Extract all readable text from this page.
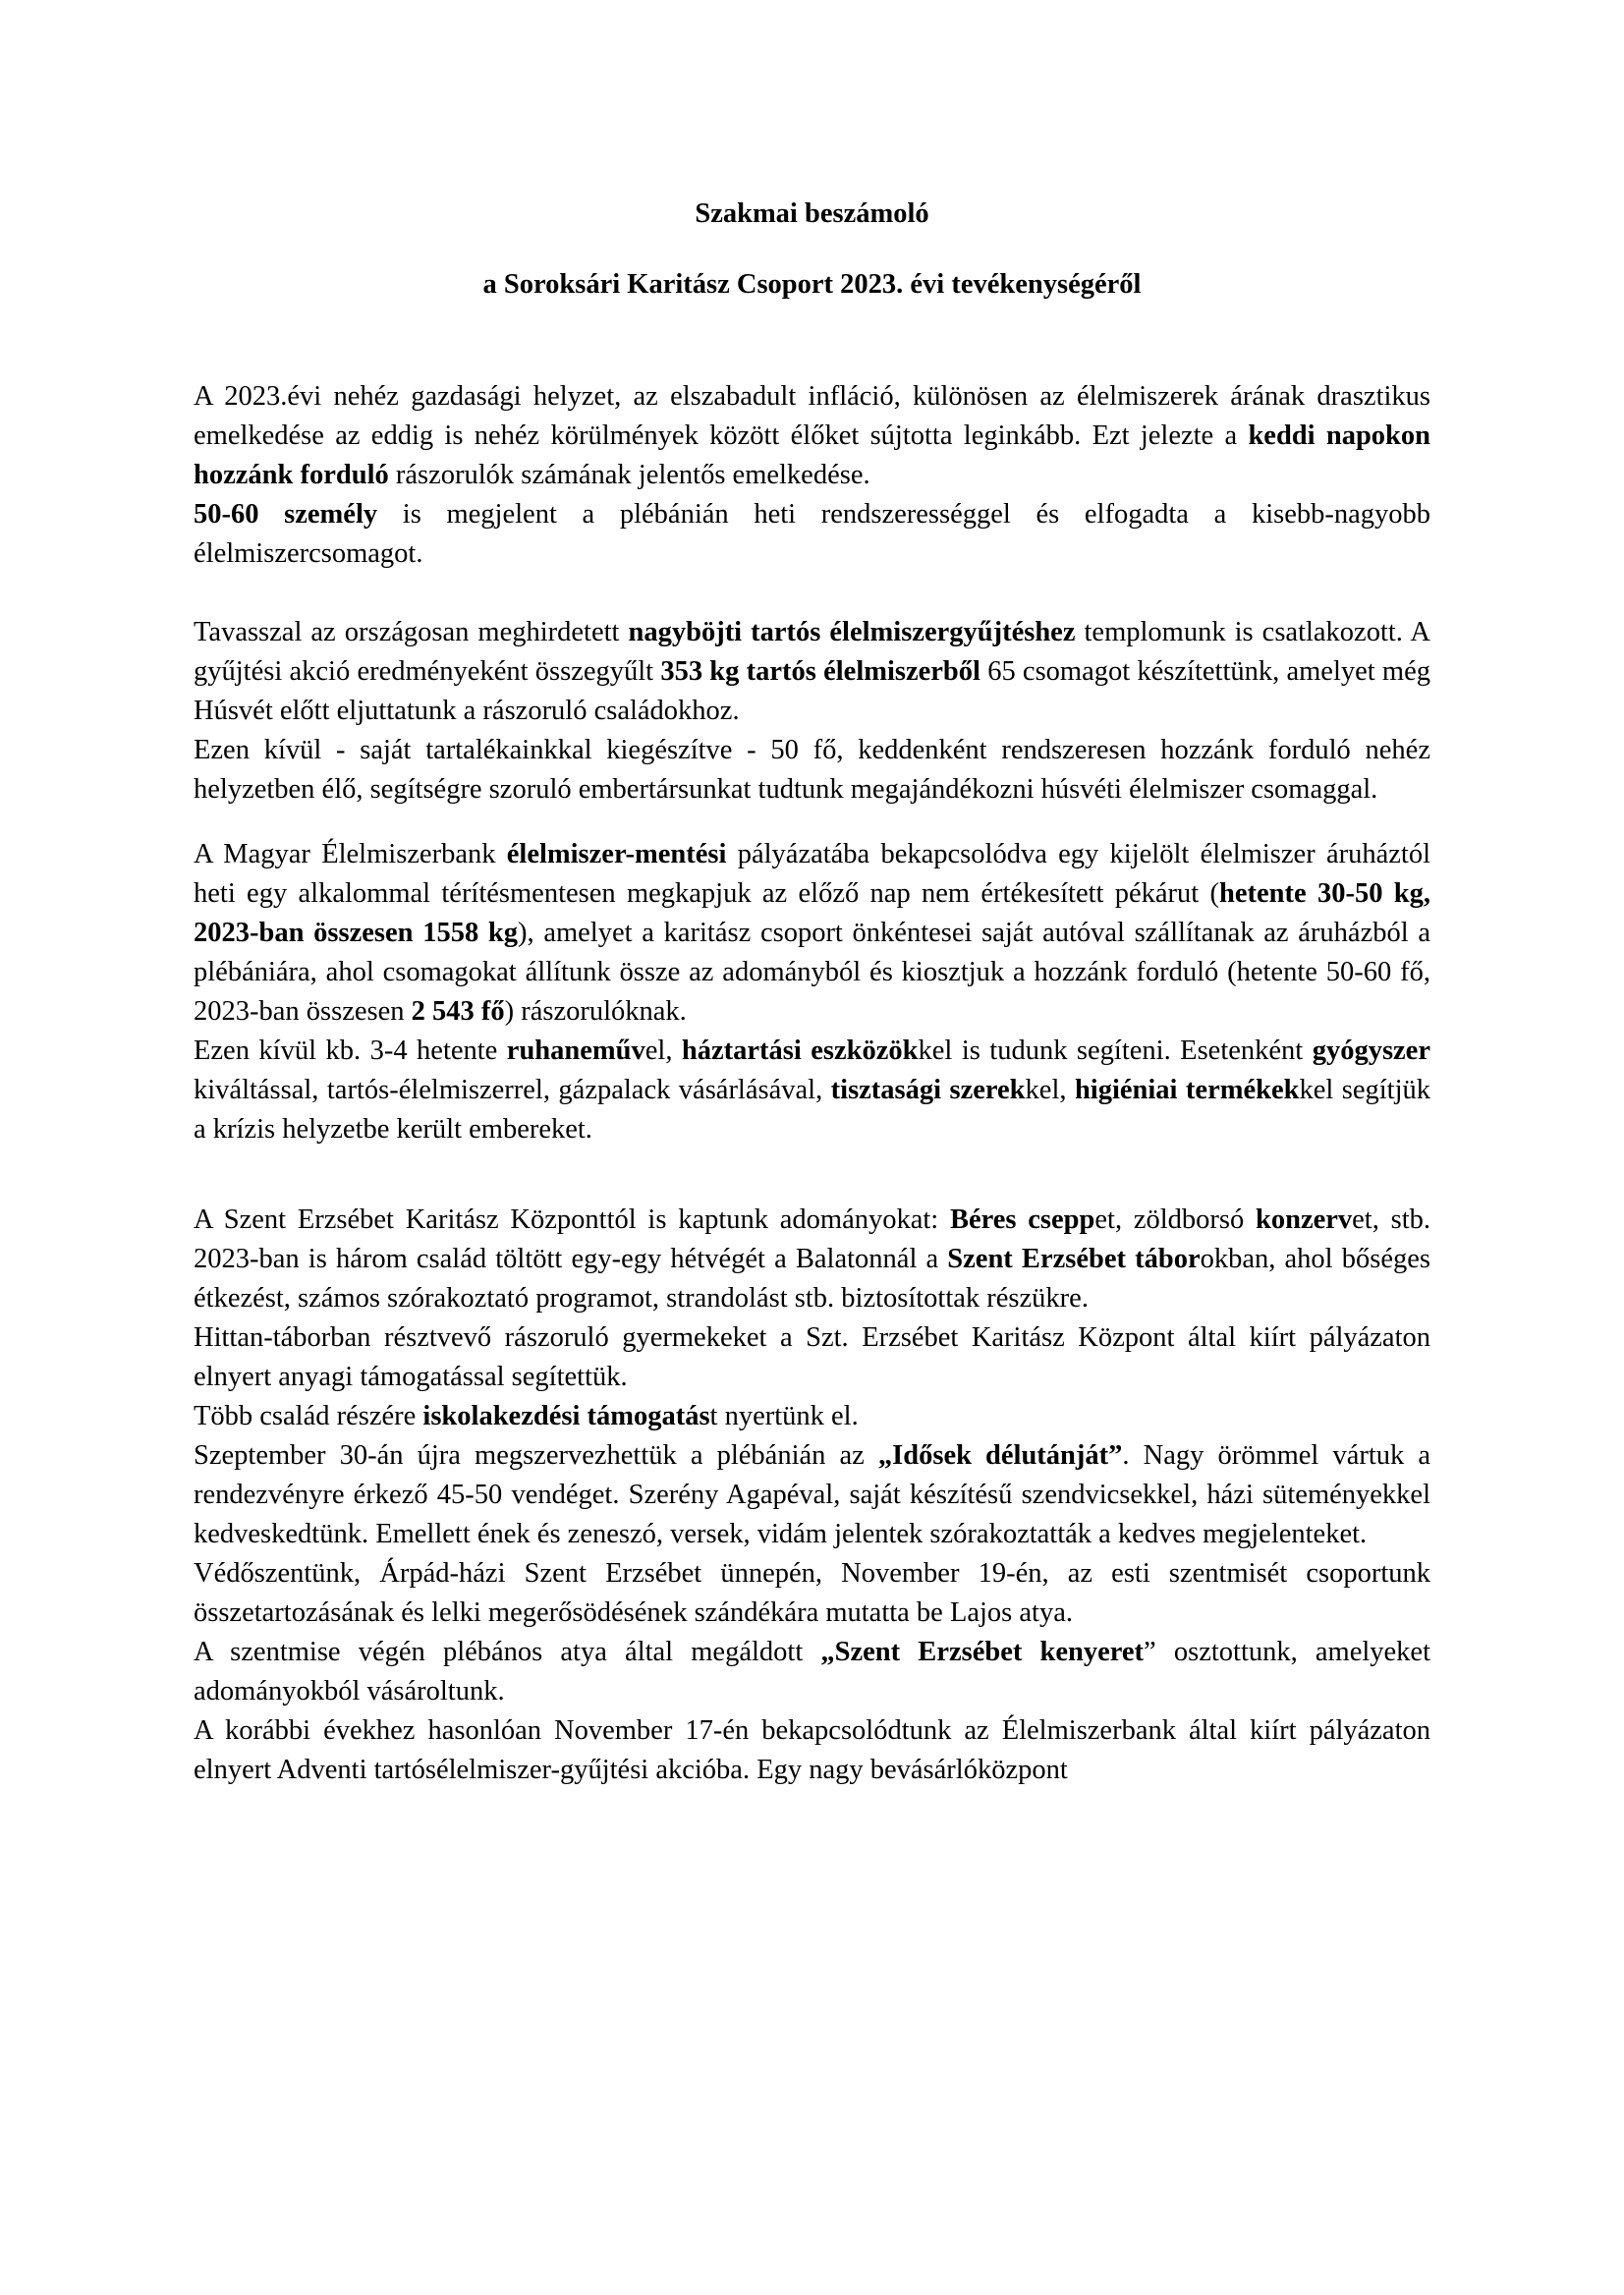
Szakmai beszámoló
a Soroksári Karitász Csoport 2023. évi tevékenységéről

A 2023.évi nehéz gazdasági helyzet, az elszabadult infláció, különösen az élelmiszerek árának drasztikus emelkedése az eddig is nehéz körülmények között élőket sújtotta leginkább. Ezt jelezte a keddi napokon hozzánk forduló rászorulók számának jelentős emelkedése.

50-60 személy is megjelent a plébánián heti rendszerességgel és elfogadta a kisebb-nagyobb élelmiszercsomagot.

Tavasszal az országosan meghirdetett nagyböjti tartós élelmiszergyűjtéshez templomunk is csatlakozott. A gyűjtési akció eredményeként összegyűlt 353 kg tartós élelmiszerből 65 csomagot készítettünk, amelyet még Húsvét előtt eljuttatunk a rászoruló családokhoz.

Ezen kívül - saját tartalékainkkal kiegészítve - 50 fő, keddenként rendszeresen hozzánk forduló nehéz helyzetben élő, segítségre szoruló embertársunkat tudtunk megajándékozni húsvéti élelmiszer csomaggal.

A Magyar Élelmiszerbank élelmiszer-mentési pályázatába bekapcsolódva egy kijelölt élelmiszer áruháztól heti egy alkalommal térítésmentesen megkapjuk az előző nap nem értékesített pékárut (hetente 30-50 kg, 2023-ban összesen 1558 kg), amelyet a karitász csoport önkéntesei saját autóval szállítanak az áruházból a plébániára, ahol csomagokat állítunk össze az adományból és kiosztjuk a hozzánk forduló (hetente 50-60 fő, 2023-ban összesen 2 543 fő) rászorulóknak.

Ezen kívül kb. 3-4 hetente ruhaneművel, háztartási eszközökkel is tudunk segíteni. Esetenként gyógyszer kiváltással, tartós-élelmiszerrel, gázpalack vásárlásával, tisztasági szerekkel, higiéniai termékekkel segítjük a krízis helyzetbe került embereket.

A Szent Erzsébet Karitász Központtól is kaptunk adományokat: Béres cseppet, zöldborsó konzervet, stb. 2023-ban is három család töltött egy-egy hétvégét a Balatonnál a Szent Erzsébet táborokban, ahol bőséges étkezést, számos szórakoztató programot, strandolást stb. biztosítottak részükre.

Hittan-táborban résztvevő rászoruló gyermekeket a Szt. Erzsébet Karitász Központ által kiírt pályázaton elnyert anyagi támogatással segítettük.

Több család részére iskolakezdési támogatást nyertünk el.

Szeptember 30-án újra megszervezhettük a plébánián az „Idősek délutánját”. Nagy örömmel vártuk a rendezvényre érkező 45-50 vendéget. Szerény Agapéval, saját készítésű szendvicsekkel, házi süteményekkel kedveskedtünk. Emellett ének és zeneszó, versek, vidám jelentek szórakoztatták a kedves megjelenteket.

Védőszentünk, Árpád-házi Szent Erzsébet ünnepén, November 19-én, az esti szentmisét csoportunk összetartozásának és lelki megerősödésének szándékára mutatta be Lajos atya.

A szentmise végén plébános atya által megáldott „Szent Erzsébet kenyeret” osztottunk, amelyeket adományokból vásároltunk.

A korábbi évekhez hasonlóan November 17-én bekapcsolódtunk az Élelmiszerbank által kiírt pályázaton elnyert Adventi tartósélelmiszer-gyűjtési akcióba. Egy nagy bevásárlóközpont
